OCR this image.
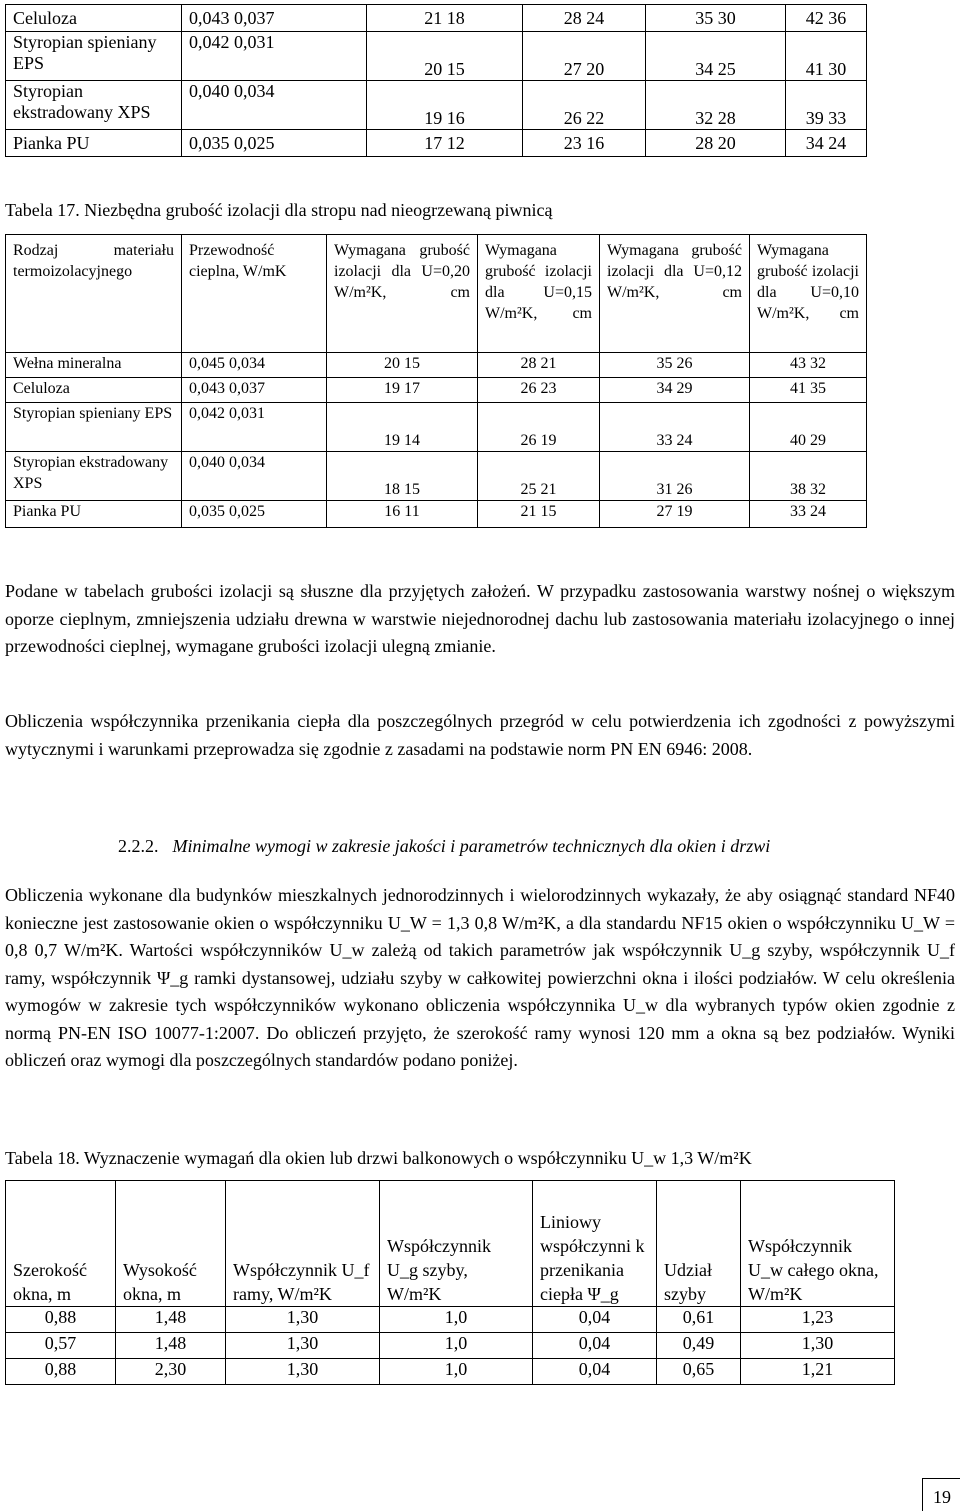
Celuloza	0,043 0,037	21 18	28 24	35 30	42 36
Styropian spieniany EPS	0,042 0,031	20 15	27 20	34 25	41 30
Styropian ekstradowany XPS	0,040 0,034	19 16	26 22	32 28	39 33
Pianka PU	0,035 0,025	17 12	23 16	28 20	34 24
Tabela 17. Niezbędna grubość izolacji dla stropu nad nieogrzewaną piwnicą
Rodzaj materiału termoizolacyjnego	Przewodność cieplna, W/mK	Wymagana grubość izolacji dla U=0,20 W/m²K, cm	Wymagana grubość izolacji dla U=0,15 W/m²K, cm	Wymagana grubość izolacji dla U=0,12 W/m²K, cm	Wymagana grubość izolacji dla U=0,10 W/m²K, cm
Wełna mineralna	0,045 0,034	20 15	28 21	35 26	43 32
Celuloza	0,043 0,037	19 17	26 23	34 29	41 35
Styropian spieniany EPS	0,042 0,031	19 14	26 19	33 24	40 29
Styropian ekstradowany XPS	0,040 0,034	18 15	25 21	31 26	38 32
Pianka PU	0,035 0,025	16 11	21 15	27 19	33 24

Podane w tabelach grubości izolacji są słuszne dla przyjętych założeń. W przypadku zastosowania warstwy nośnej o większym oporze cieplnym, zmniejszenia udziału drewna w warstwie niejednorodnej dachu lub zastosowania materiału izolacyjnego o innej przewodności cieplnej, wymagane grubości izolacji ulegną zmianie.

Obliczenia współczynnika przenikania ciepła dla poszczególnych przegród w celu potwierdzenia ich zgodności z powyższymi wytycznymi i warunkami przeprowadza się zgodnie z zasadami na podstawie norm PN EN 6946: 2008.

2.2.2. Minimalne wymogi w zakresie jakości i parametrów technicznych dla okien i drzwi

Obliczenia wykonane dla budynków mieszkalnych jednorodzinnych i wielorodzinnych wykazały, że aby osiągnąć standard NF40 konieczne jest zastosowanie okien o współczynniku U_W = 1,3 0,8 W/m²K, a dla standardu NF15 okien o współczynniku U_W = 0,8 0,7 W/m²K. Wartości współczynników U_w zależą od takich parametrów jak współczynnik U_g szyby, współczynnik U_f ramy, współczynnik Ψ_g ramki dystansowej, udziału szyby w całkowitej powierzchni okna i ilości podziałów. W celu określenia wymogów w zakresie tych współczynników wykonano obliczenia współczynnika U_w dla wybranych typów okien zgodnie z normą PN-EN ISO 10077-1:2007. Do obliczeń przyjęto, że szerokość ramy wynosi 120 mm a okna są bez podziałów. Wyniki obliczeń oraz wymogi dla poszczególnych standardów podano poniżej.

Tabela 18. Wyznaczenie wymagań dla okien lub drzwi balkonowych o współczynniku U_w 1,3 W/m²K
Szerokość okna, m	Wysokość okna, m	Współczynnik U_f ramy, W/m²K	Współczynnik U_g szyby, W/m²K	Liniowy współczynni k przenikania ciepła Ψ_g	Udział szyby	Współczynnik U_w całego okna, W/m²K
0,88	1,48	1,30	1,0	0,04	0,61	1,23
0,57	1,48	1,30	1,0	0,04	0,49	1,30
0,88	2,30	1,30	1,0	0,04	0,65	1,21
19
